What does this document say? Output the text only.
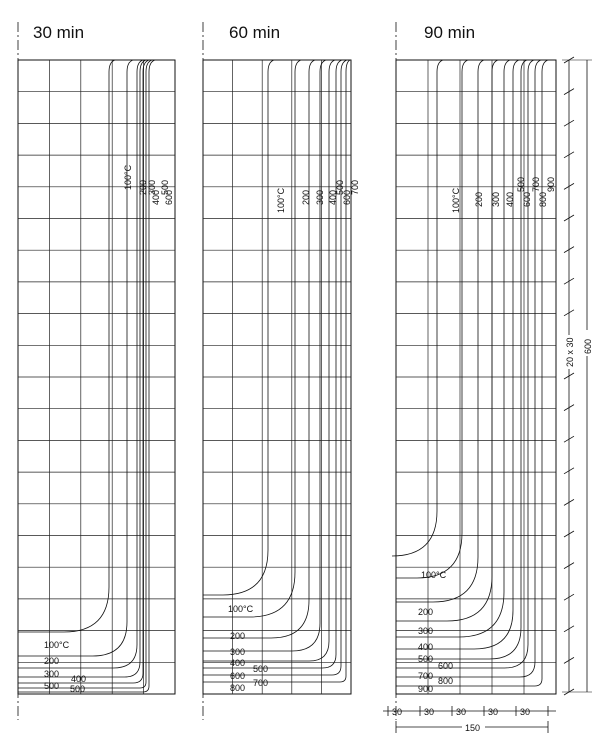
30 min
100°C 200 300
400
500
600
100°C
200
300
500
400
500
60 min
100°C 200 300 400
500
600
700
100°C
200
300
400
500
600
700
800
90 min
100°C 200 300 400
500
600
700
800
900
100°C
200
300
400
500
600
700 800
900
20 x 30 600
30 30 30 30 30
150
